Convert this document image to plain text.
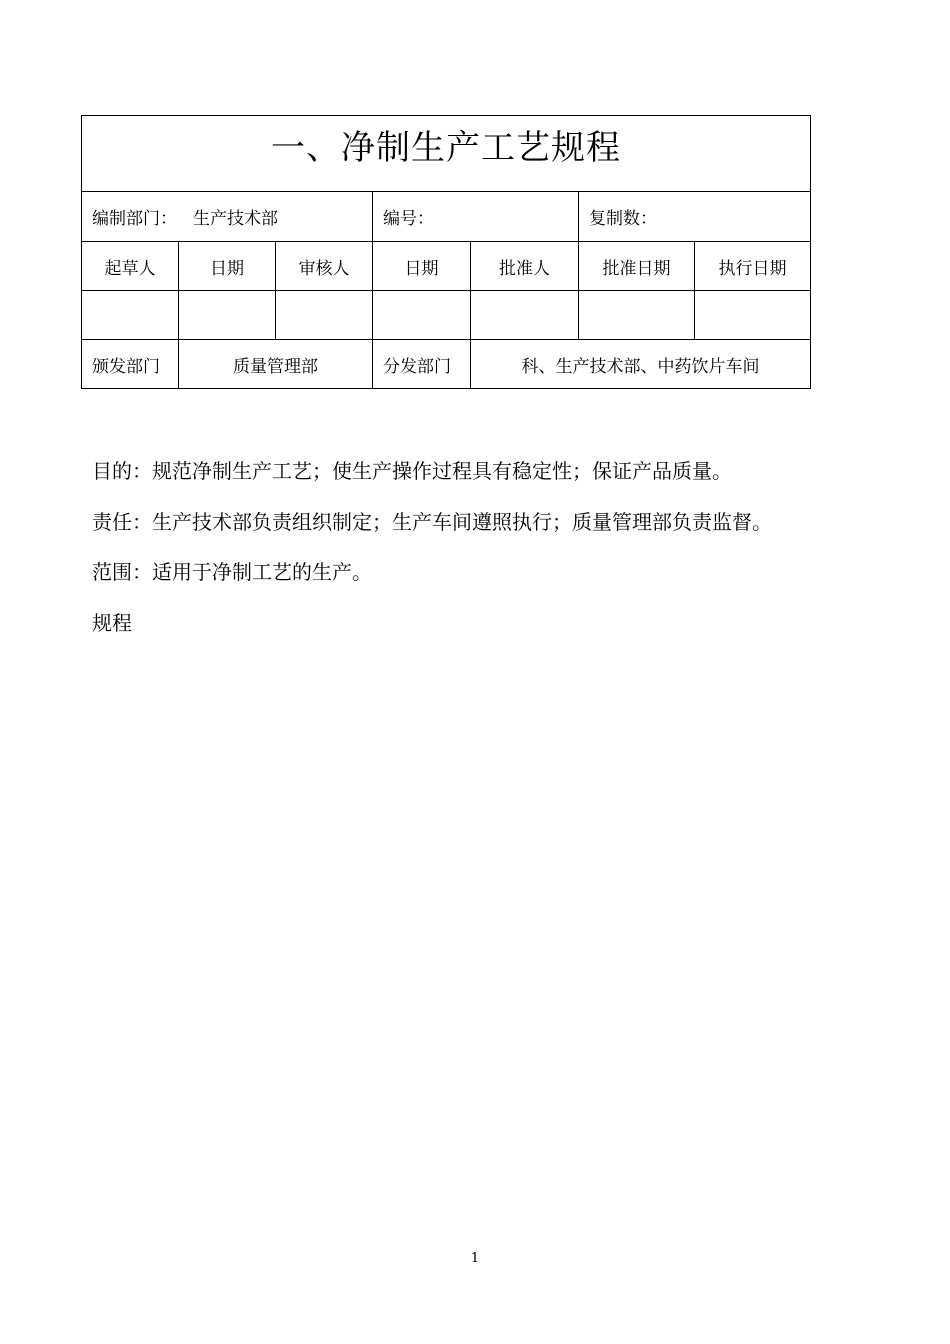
一、净制生产工艺规程						
编制部门： 生产技术部			编号：		复制数：	
起草人	日期	审核人	日期	批准人	批准日期	执行日期

颁发部门	质量管理部		分发部门	科、生产技术部、中药饮片车间		
目的：规范净制生产工艺；使生产操作过程具有稳定性；保证产品质量。
责任：生产技术部负责组织制定；生产车间遵照执行；质量管理部负责监督。
范围：适用于净制工艺的生产。
规程
1
